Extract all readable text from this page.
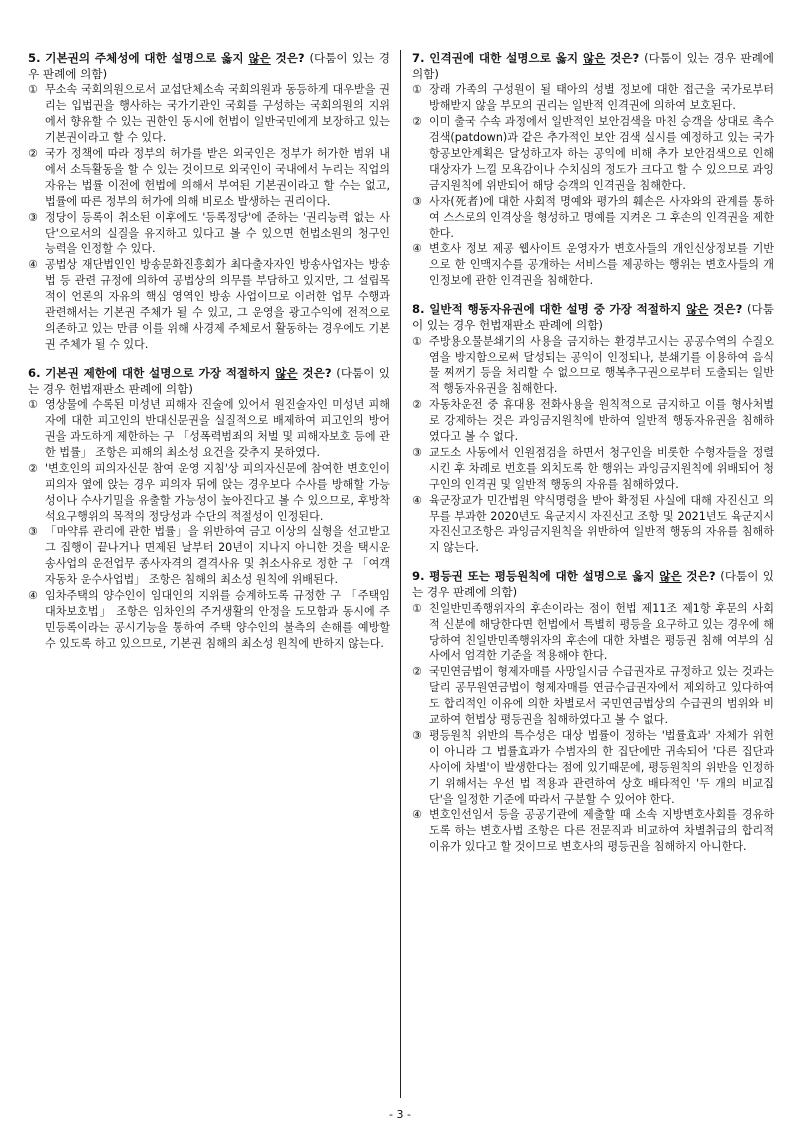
5. 기본권의 주체성에 대한 설명으로 옳지 않은 것은? (다툼이 있는 경우 판례에 의함)
① 무소속 국회의원으로서 교섭단체소속 국회의원과 동등하게 대우받을 권리는 입법권을 행사하는 국가기관인 국회를 구성하는 국회의원의 지위에서 향유할 수 있는 권한인 동시에 헌법이 일반국민에게 보장하고 있는 기본권이라고 할 수 있다.
② 국가 정책에 따라 정부의 허가를 받은 외국인은 정부가 허가한 범위 내에서 소득활동을 할 수 있는 것이므로 외국인이 국내에서 누리는 직업의 자유는 법률 이전에 헌법에 의해서 부여된 기본권이라고 할 수는 없고, 법률에 따른 정부의 허가에 의해 비로소 발생하는 권리이다.
③ 정당이 등록이 취소된 이후에도 '등록정당'에 준하는 '권리능력 없는 사단'으로서의 실질을 유지하고 있다고 볼 수 있으면 헌법소원의 청구인 능력을 인정할 수 있다.
④ 공법상 재단법인인 방송문화진흥회가 최다출자자인 방송사업자는 방송법 등 관련 규정에 의하여 공법상의 의무를 부담하고 있지만, 그 설립목적이 언론의 자유의 핵심 영역인 방송 사업이므로 이러한 업무 수행과 관련해서는 기본권 주체가 될 수 있고, 그 운영을 광고수익에 전적으로 의존하고 있는 만큼 이를 위해 사경제 주체로서 활동하는 경우에도 기본권 주체가 될 수 있다.
6. 기본권 제한에 대한 설명으로 가장 적절하지 않은 것은? (다툼이 있는 경우 헌법재판소 판례에 의함)
① 영상물에 수록된 미성년 피해자 진술에 있어서 원진술자인 미성년 피해자에 대한 피고인의 반대신문권을 실질적으로 배제하여 피고인의 방어권을 과도하게 제한하는 구 「성폭력범죄의 처벌 및 피해자보호 등에 관한 법률」 조항은 피해의 최소성 요건을 갖추지 못하였다.
② '변호인의 피의자신문 참여 운영 지침'상 피의자신문에 참여한 변호인이 피의자 옆에 앉는 경우 피의자 뒤에 앉는 경우보다 수사를 방해할 가능성이나 수사기밀을 유출할 가능성이 높아진다고 볼 수 있으므로, 후방착석요구행위의 목적의 정당성과 수단의 적절성이 인정된다.
③ 「마약류 관리에 관한 법률」을 위반하여 금고 이상의 실형을 선고받고 그 집행이 끝나거나 면제된 날부터 20년이 지나지 아니한 것을 택시운송사업의 운전업무 종사자격의 결격사유 및 취소사유로 정한 구 「여객자동차 운수사업법」 조항은 침해의 최소성 원칙에 위배된다.
④ 임차주택의 양수인이 임대인의 지위를 승계하도록 규정한 구 「주택임대차보호법」 조항은 임차인의 주거생활의 안정을 도모함과 동시에 주민등록이라는 공시기능을 통하여 주택 양수인의 불측의 손해를 예방할 수 있도록 하고 있으므로, 기본권 침해의 최소성 원칙에 반하지 않는다.
7. 인격권에 대한 설명으로 옳지 않은 것은? (다툼이 있는 경우 판례에 의함)
① 장래 가족의 구성원이 될 태아의 성별 정보에 대한 접근을 국가로부터 방해받지 않을 부모의 권리는 일반적 인격권에 의하여 보호된다.
② 이미 출국 수속 과정에서 일반적인 보안검색을 마친 승객을 상대로 촉수검색(patdown)과 같은 추가적인 보안 검색 실시를 예정하고 있는 국가항공보안계획은 달성하고자 하는 공익에 비해 추가 보안검색으로 인해 대상자가 느낄 모욕감이나 수치심의 정도가 크다고 할 수 있으므로 과잉금지원칙에 위반되어 해당 승객의 인격권을 침해한다.
③ 사자(死者)에 대한 사회적 명예와 평가의 훼손은 사자와의 관계를 통하여 스스로의 인격상을 형성하고 명예를 지켜온 그 후손의 인격권을 제한한다.
④ 변호사 정보 제공 웹사이트 운영자가 변호사들의 개인신상정보를 기반으로 한 인맥지수를 공개하는 서비스를 제공하는 행위는 변호사들의 개인정보에 관한 인격권을 침해한다.
8. 일반적 행동자유권에 대한 설명 중 가장 적절하지 않은 것은? (다툼이 있는 경우 헌법재판소 판례에 의함)
① 주방용오물분쇄기의 사용을 금지하는 환경부고시는 공공수역의 수질오염을 방지함으로써 달성되는 공익이 인정되나, 분쇄기를 이용하여 음식물 찌꺼기 등을 처리할 수 없으므로 행복추구권으로부터 도출되는 일반적 행동자유권을 침해한다.
② 자동차운전 중 휴대용 전화사용을 원칙적으로 금지하고 이를 형사처벌로 강제하는 것은 과잉금지원칙에 반하여 일반적 행동자유권을 침해하였다고 볼 수 없다.
③ 교도소 사동에서 인원점검을 하면서 청구인을 비롯한 수형자들을 정렬시킨 후 차례로 번호를 외치도록 한 행위는 과잉금지원칙에 위배되어 청구인의 인격권 및 일반적 행동의 자유를 침해하였다.
④ 육군장교가 민간법원 약식명령을 받아 확정된 사실에 대해 자진신고 의무를 부과한 2020년도 육군지시 자진신고 조항 및 2021년도 육군지시 자진신고조항은 과잉금지원칙을 위반하여 일반적 행동의 자유를 침해하지 않는다.
9. 평등권 또는 평등원칙에 대한 설명으로 옳지 않은 것은? (다툼이 있는 경우 판례에 의함)
① 친일반민족행위자의 후손이라는 점이 헌법 제11조 제1항 후문의 사회적 신분에 해당한다면 헌법에서 특별히 평등을 요구하고 있는 경우에 해당하여 친일반민족행위자의 후손에 대한 차별은 평등권 침해 여부의 심사에서 엄격한 기준을 적용해야 한다.
② 국민연금법이 형제자매를 사망일시금 수급권자로 규정하고 있는 것과는 달리 공무원연금법이 형제자매를 연금수급권자에서 제외하고 있다하여도 합리적인 이유에 의한 차별로서 국민연금법상의 수급권의 범위와 비교하여 헌법상 평등권을 침해하였다고 볼 수 없다.
③ 평등원칙 위반의 특수성은 대상 법률이 정하는 '법률효과' 자체가 위헌이 아니라 그 법률효과가 수범자의 한 집단에만 귀속되어 '다른 집단과 사이에 차별'이 발생한다는 점에 있기때문에, 평등원칙의 위반을 인정하기 위해서는 우선 법 적용과 관련하여 상호 배타적인 '두 개의 비교집단'을 일정한 기준에 따라서 구분할 수 있어야 한다.
④ 변호인선임서 등을 공공기관에 제출할 때 소속 지방변호사회를 경유하도록 하는 변호사법 조항은 다른 전문직과 비교하여 차별취급의 합리적 이유가 있다고 할 것이므로 변호사의 평등권을 침해하지 아니한다.
- 3 -
